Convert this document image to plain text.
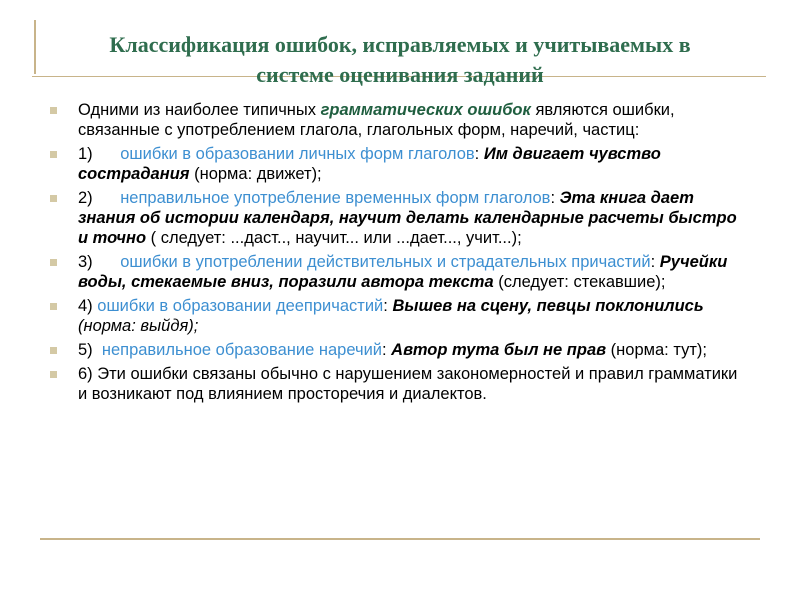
Классификация ошибок, исправляемых и учитываемых в
системе оценивания заданий
Одними из наиболее типичных грамматических ошибок являются ошибки, связанные с употреблением глагола, глагольных форм, наречий, частиц:
1)      ошибки в образовании личных форм глаголов: Им двигает чувство сострадания (норма: движет);
2)      неправильное употребление временных форм глаголов: Эта книга дает знания об истории календаря, научит делать календарные расчеты быстро и точно ( следует: ...даст.., научит... или ...дает..., учит...);
3)      ошибки в употреблении действительных и страдательных причастий: Ручейки воды, стекаемые вниз, поразили автора текста (следует: стекавшие);
4) ошибки в образовании деепричастий: Вышев на сцену, певцы поклонились (норма: выйдя);
5)  неправильное образование наречий: Автор тута был не прав (норма: тут);
6) Эти ошибки связаны обычно с нарушением закономерностей и правил грамматики и возникают под влиянием просторечия и диалектов.
